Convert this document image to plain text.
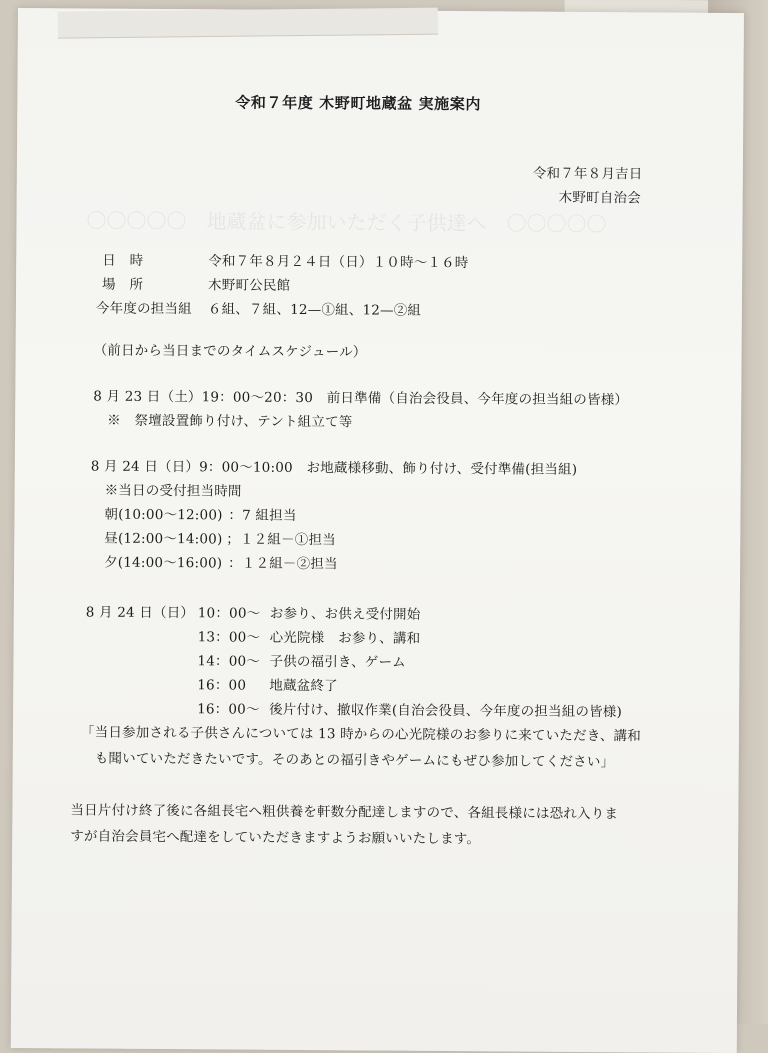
〇〇〇〇〇　地蔵盆に参加いただく子供達へ　〇〇〇〇〇
令和７年度 木野町地蔵盆 実施案内
令和７年８月吉日
木野町自治会
日　時	令和７年８月２４日（日）１０時～１６時
場　所	木野町公民館
今年度の担当組 ６組、７組、12—①組、12—②組
（前日から当日までのタイムスケジュール）
8 月 23 日（土）19：00～20：30　前日準備（自治会役員、今年度の担当組の皆様）
※　祭壇設置飾り付け、テント組立て等
8 月 24 日（日）9：00～10:00　お地蔵様移動、飾り付け、受付準備(担当組)
※当日の受付担当時間
朝(10:00～12:00) ：7 組担当
昼(12:00～14:00) ；１２組－①担当
夕(14:00～16:00) ：１２組－②担当
8 月 24 日（日） 10：00～ お参り、お供え受付開始
13：00～ 心光院様　お参り、講和
14：00～ 子供の福引き、ゲーム
16：00 地蔵盆終了
16：00～ 後片付け、撤収作業(自治会役員、今年度の担当組の皆様)
「当日参加される子供さんについては 13 時からの心光院様のお参りに来ていただき、講和
も聞いていただきたいです。そのあとの福引きやゲームにもぜひ参加してください」
当日片付け終了後に各組長宅へ粗供養を軒数分配達しますので、各組長様には恐れ入りま
すが自治会員宅へ配達をしていただきますようお願いいたします。
